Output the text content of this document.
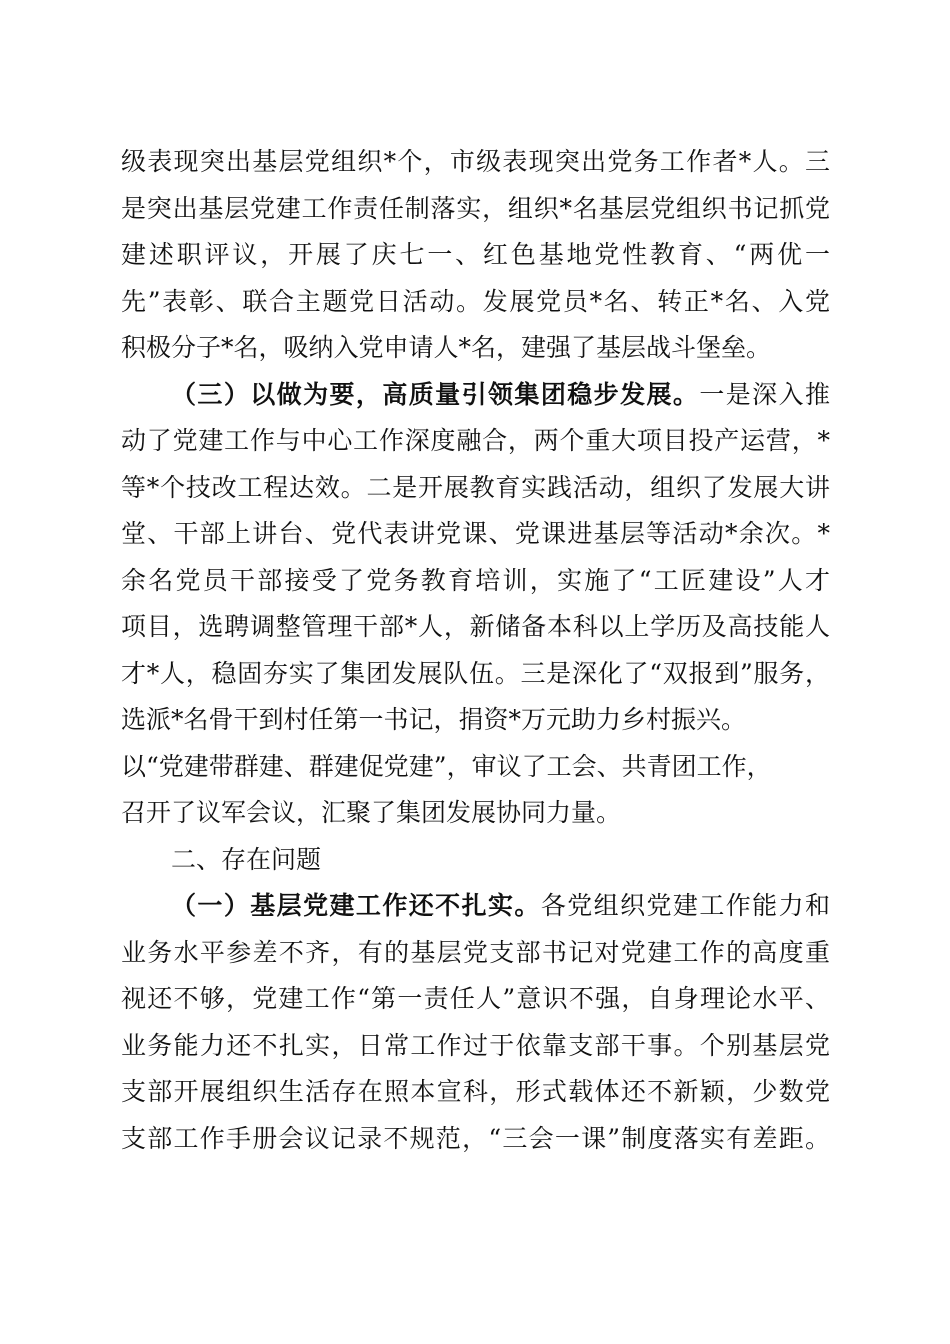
级表现突出基层党组织*个，市级表现突出党务工作者*人。三
是突出基层党建工作责任制落实，组织*名基层党组织书记抓党
建述职评议，开展了庆七一、红色基地党性教育、“两优一
先”表彰、联合主题党日活动。发展党员*名、转正*名、入党
积极分子*名，吸纳入党申请人*名，建强了基层战斗堡垒。
（三）以做为要，高质量引领集团稳步发展。一是深入推
动了党建工作与中心工作深度融合，两个重大项目投产运营，*
等*个技改工程达效。二是开展教育实践活动，组织了发展大讲
堂、干部上讲台、党代表讲党课、党课进基层等活动*余次。*
余名党员干部接受了党务教育培训，实施了“工匠建设”人才
项目，选聘调整管理干部*人，新储备本科以上学历及高技能人
才*人，稳固夯实了集团发展队伍。三是深化了“双报到”服务，
选派*名骨干到村任第一书记，捐资*万元助力乡村振兴。
以“党建带群建、群建促党建”，审议了工会、共青团工作，
召开了议军会议，汇聚了集团发展协同力量。
二、存在问题
（一）基层党建工作还不扎实。各党组织党建工作能力和
业务水平参差不齐，有的基层党支部书记对党建工作的高度重
视还不够，党建工作“第一责任人”意识不强，自身理论水平、
业务能力还不扎实，日常工作过于依靠支部干事。个别基层党
支部开展组织生活存在照本宣科，形式载体还不新颖，少数党
支部工作手册会议记录不规范，“三会一课”制度落实有差距。
